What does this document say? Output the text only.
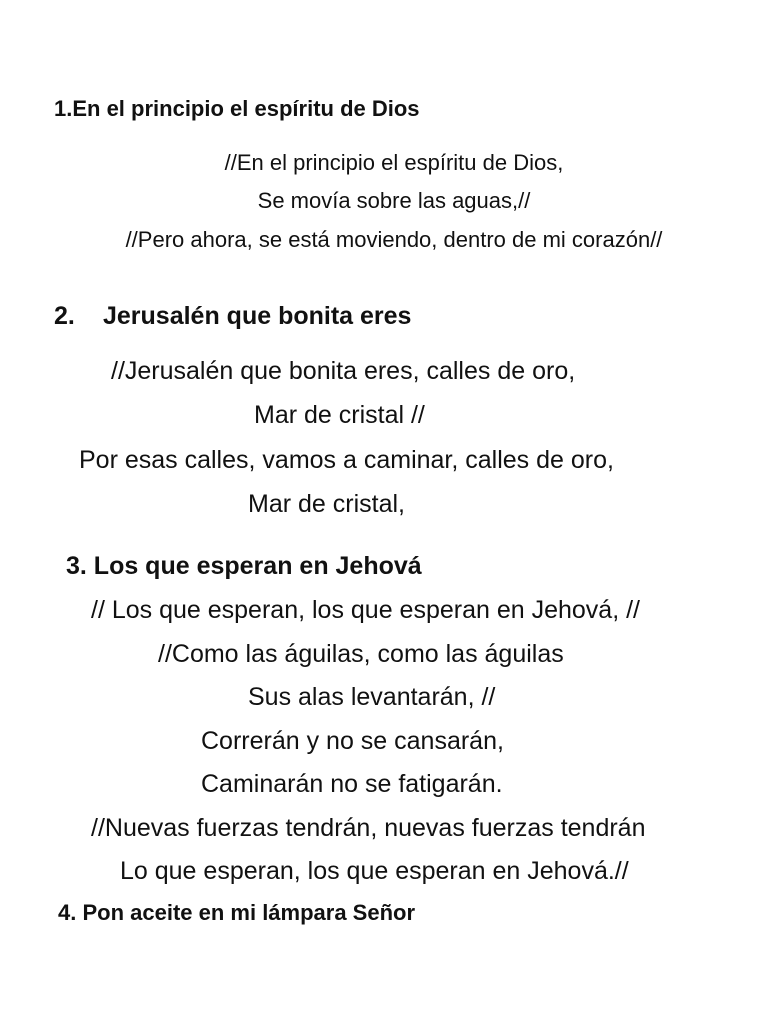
1.En el principio el espíritu de Dios
//En el principio el espíritu de Dios,
Se movía sobre las aguas,//
//Pero ahora, se está moviendo, dentro de mi corazón//
2. Jerusalén que bonita eres
//Jerusalén que bonita eres, calles de oro,
Mar de cristal //
Por esas calles, vamos a caminar, calles de oro,
Mar de cristal,
3. Los que esperan en Jehová
// Los que esperan, los que esperan en Jehová, //
//Como las águilas, como las águilas
Sus alas levantarán, //
Correrán y no se cansarán,
Caminarán no se fatigarán.
//Nuevas fuerzas tendrán, nuevas fuerzas tendrán
Lo que esperan, los que esperan en Jehová.//
4. Pon aceite en mi lámpara Señor
